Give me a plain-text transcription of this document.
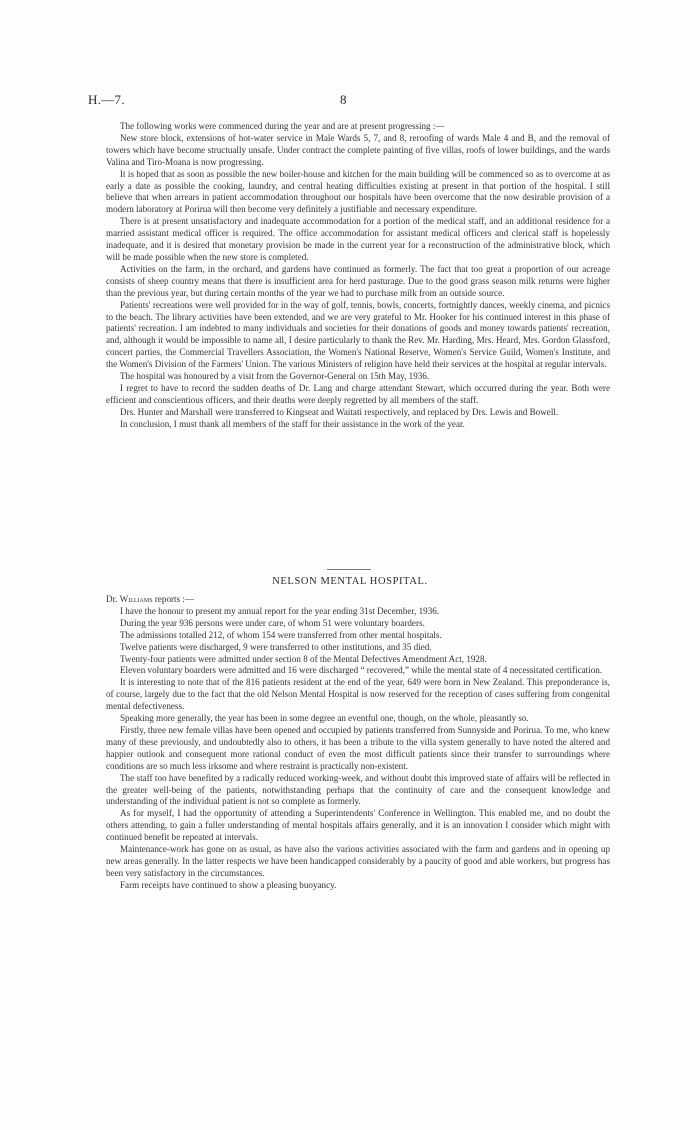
H.—7.	8

The following works were commenced during the year and are at present progressing :—

New store block, extensions of hot-water service in Male Wards 5, 7, and 8, reroofing of wards Male 4 and B, and the removal of towers which have become structually unsafe. Under contract the complete painting of five villas, roofs of lower buildings, and the wards Valina and Tiro-Moana is now progressing.

It is hoped that as soon as possible the new boiler-house and kitchen for the main building will be commenced so as to overcome at as early a date as possible the cooking, laundry, and central heating difficulties existing at present in that portion of the hospital. I still believe that when arrears in patient accommodation throughout our hospitals have been overcome that the now desirable provision of a modern laboratory at Porirua will then become very definitely a justifiable and necessary expenditure.

There is at present unsatisfactory and inadequate accommodation for a portion of the medical staff, and an additional residence for a married assistant medical officer is required. The office accommodation for assistant medical officers and clerical staff is hopelessly inadequate, and it is desired that monetary provision be made in the current year for a reconstruction of the administrative block, which will be made possible when the new store is completed.

Activities on the farm, in the orchard, and gardens have continued as formerly. The fact that too great a proportion of our acreage consists of sheep country means that there is insufficient area for herd pasturage. Due to the good grass season milk returns were higher than the previous year, but during certain months of the year we had to purchase milk from an outside source.

Patients' recreations were well provided for in the way of golf, tennis, bowls, concerts, fortnightly dances, weekly cinema, and picnics to the beach. The library activities have been extended, and we are very grateful to Mr. Hooker for his continued interest in this phase of patients' recreation. I am indebted to many individuals and societies for their donations of goods and money towards patients' recreation, and, although it would be impossible to name all, I desire particularly to thank the Rev. Mr. Harding, Mrs. Heard, Mrs. Gordon Glassford, concert parties, the Commercial Travellers Association, the Women's National Reserve, Women's Service Guild, Women's Institute, and the Women's Division of the Farmers' Union. The various Ministers of religion have held their services at the hospital at regular intervals.

The hospital was honoured by a visit from the Governor-General on 15th May, 1936.

I regret to have to record the sudden deaths of Dr. Lang and charge attendant Stewart, which occurred during the year. Both were efficient and conscientious officers, and their deaths were deeply regretted by all members of the staff.

Drs. Hunter and Marshall were transferred to Kingseat and Waitati respectively, and replaced by Drs. Lewis and Bowell.

In conclusion, I must thank all members of the staff for their assistance in the work of the year.

NELSON MENTAL HOSPITAL.

Dr. Williams reports :—

I have the honour to present my annual report for the year ending 31st December, 1936.

During the year 936 persons were under care, of whom 51 were voluntary boarders.

The admissions totalled 212, of whom 154 were transferred from other mental hospitals.

Twelve patients were discharged, 9 were transferred to other institutions, and 35 died.

Twenty-four patients were admitted under section 8 of the Mental Defectives Amendment Act, 1928.

Eleven voluntary boarders were admitted and 16 were discharged “ recovered,” while the mental state of 4 necessitated certification.

It is interesting to note that of the 816 patients resident at the end of the year, 649 were born in New Zealand. This preponderance is, of course, largely due to the fact that the old Nelson Mental Hospital is now reserved for the reception of cases suffering from congenital mental defectiveness.

Speaking more generally, the year has been in some degree an eventful one, though, on the whole, pleasantly so.

Firstly, three new female villas have been opened and occupied by patients transferred from Sunnyside and Porirua. To me, who knew many of these previously, and undoubtedly also to others, it has been a tribute to the villa system generally to have noted the altered and happier outlook and consequent more rational conduct of even the most difficult patients since their transfer to surroundings where conditions are so much less irksome and where restraint is practically non-existent.

The staff too have benefited by a radically reduced working-week, and without doubt this improved state of affairs will be reflected in the greater well-being of the patients, notwithstanding perhaps that the continuity of care and the consequent knowledge and understanding of the individual patient is not so complete as formerly.

As for myself, I had the opportunity of attending a Superintendents' Conference in Wellington. This enabled me, and no doubt the others attending, to gain a fuller understanding of mental hospitals affairs generally, and it is an innovation I consider which might with continued benefit be repeated at intervals.

Maintenance-work has gone on as usual, as have also the various activities associated with the farm and gardens and in opening up new areas generally. In the latter respects we have been handicapped considerably by a paucity of good and able workers, but progress has been very satisfactory in the circumstances.

Farm receipts have continued to show a pleasing buoyancy.
